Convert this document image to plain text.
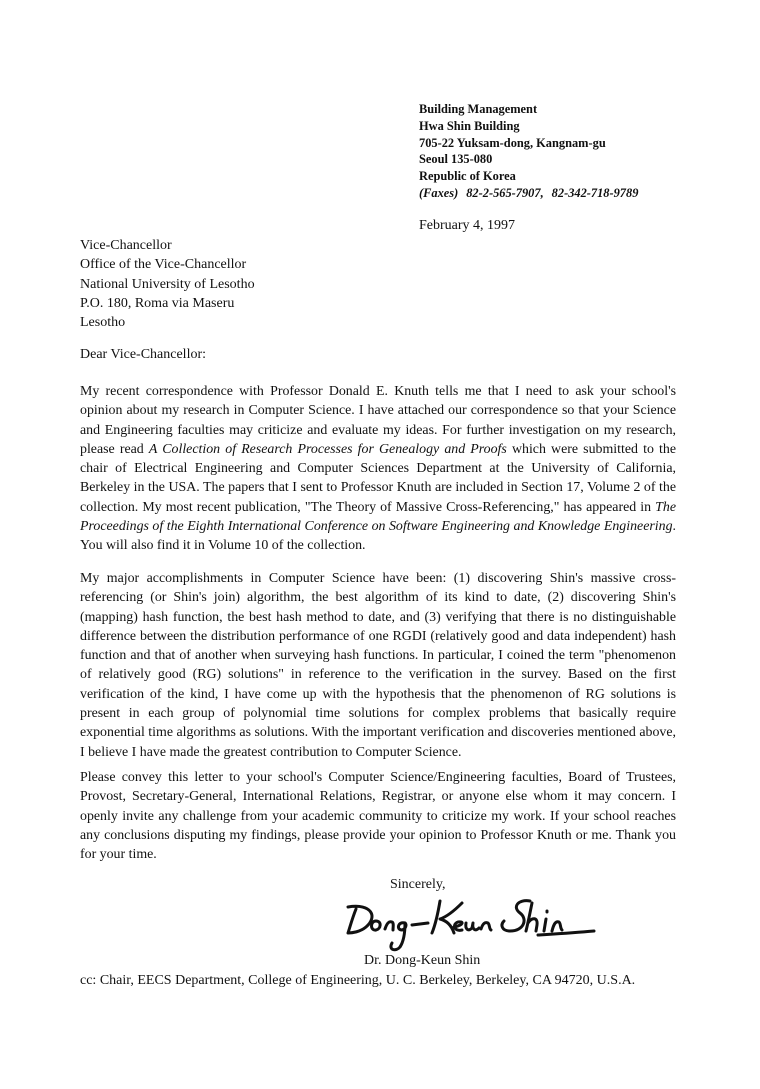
Building Management
Hwa Shin Building
705-22 Yuksam-dong, Kangnam-gu
Seoul 135-080
Republic of Korea
(Faxes) 82-2-565-7907, 82-342-718-9789
February 4, 1997
Vice-Chancellor
Office of the Vice-Chancellor
National University of Lesotho
P.O. 180, Roma via Maseru
Lesotho
Dear Vice-Chancellor:

My recent correspondence with Professor Donald E. Knuth tells me that I need to ask your school's opinion about my research in Computer Science. I have attached our correspondence so that your Science and Engineering faculties may criticize and evaluate my ideas. For further investigation on my research, please read A Collection of Research Processes for Genealogy and Proofs which were submitted to the chair of Electrical Engineering and Computer Sciences Department at the University of California, Berkeley in the USA. The papers that I sent to Professor Knuth are included in Section 17, Volume 2 of the collection. My most recent publication, "The Theory of Massive Cross-Referencing," has appeared in The Proceedings of the Eighth International Conference on Software Engineering and Knowledge Engineering. You will also find it in Volume 10 of the collection.

My major accomplishments in Computer Science have been: (1) discovering Shin's massive cross-referencing (or Shin's join) algorithm, the best algorithm of its kind to date, (2) discovering Shin's (mapping) hash function, the best hash method to date, and (3) verifying that there is no distinguishable difference between the distribution performance of one RGDI (relatively good and data independent) hash function and that of another when surveying hash functions. In particular, I coined the term "phenomenon of relatively good (RG) solutions" in reference to the verification in the survey. Based on the first verification of the kind, I have come up with the hypothesis that the phenomenon of RG solutions is present in each group of polynomial time solutions for complex problems that basically require exponential time algorithms as solutions. With the important verification and discoveries mentioned above, I believe I have made the greatest contribution to Computer Science.

Please convey this letter to your school's Computer Science/Engineering faculties, Board of Trustees, Provost, Secretary-General, International Relations, Registrar, or anyone else whom it may concern. I openly invite any challenge from your academic community to criticize my work. If your school reaches any conclusions disputing my findings, please provide your opinion to Professor Knuth or me. Thank you for your time.

Sincerely,
Dr. Dong-Keun Shin
cc: Chair, EECS Department, College of Engineering, U. C. Berkeley, Berkeley, CA 94720, U.S.A.
